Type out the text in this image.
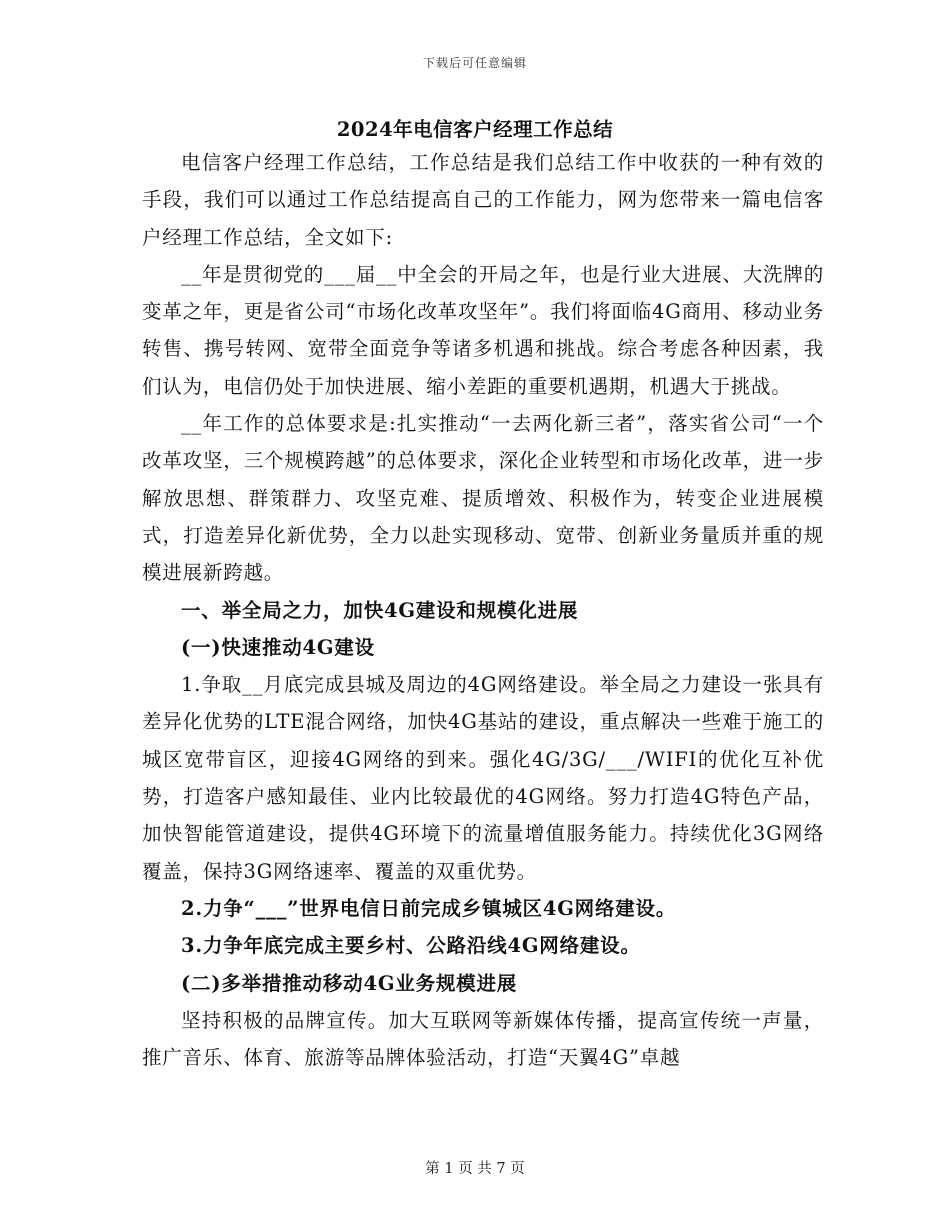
下载后可任意编辑
2024年电信客户经理工作总结

电信客户经理工作总结，工作总结是我们总结工作中收获的一种有效的手段，我们可以通过工作总结提高自己的工作能力，网为您带来一篇电信客户经理工作总结，全文如下:

__年是贯彻党的___届__中全会的开局之年，也是行业大进展、大洗牌的变革之年，更是省公司“市场化改革攻坚年”。我们将面临4G商用、移动业务转售、携号转网、宽带全面竞争等诸多机遇和挑战。综合考虑各种因素，我们认为，电信仍处于加快进展、缩小差距的重要机遇期，机遇大于挑战。

__年工作的总体要求是:扎实推动“一去两化新三者”，落实省公司“一个改革攻坚，三个规模跨越”的总体要求，深化企业转型和市场化改革，进一步解放思想、群策群力、攻坚克难、提质增效、积极作为，转变企业进展模式，打造差异化新优势，全力以赴实现移动、宽带、创新业务量质并重的规模进展新跨越。

一、举全局之力，加快4G建设和规模化进展

(一)快速推动4G建设

1.争取__月底完成县城及周边的4G网络建设。举全局之力建设一张具有差异化优势的LTE混合网络，加快4G基站的建设，重点解决一些难于施工的城区宽带盲区，迎接4G网络的到来。强化4G/3G/___/WIFI的优化互补优势，打造客户感知最佳、业内比较最优的4G网络。努力打造4G特色产品，加快智能管道建设，提供4G环境下的流量增值服务能力。持续优化3G网络覆盖，保持3G网络速率、覆盖的双重优势。

2.力争“___”世界电信日前完成乡镇城区4G网络建设。

3.力争年底完成主要乡村、公路沿线4G网络建设。

(二)多举措推动移动4G业务规模进展

坚持积极的品牌宣传。加大互联网等新媒体传播，提高宣传统一声量，推广音乐、体育、旅游等品牌体验活动，打造“天翼4G”卓越

第 1 页 共 7 页
